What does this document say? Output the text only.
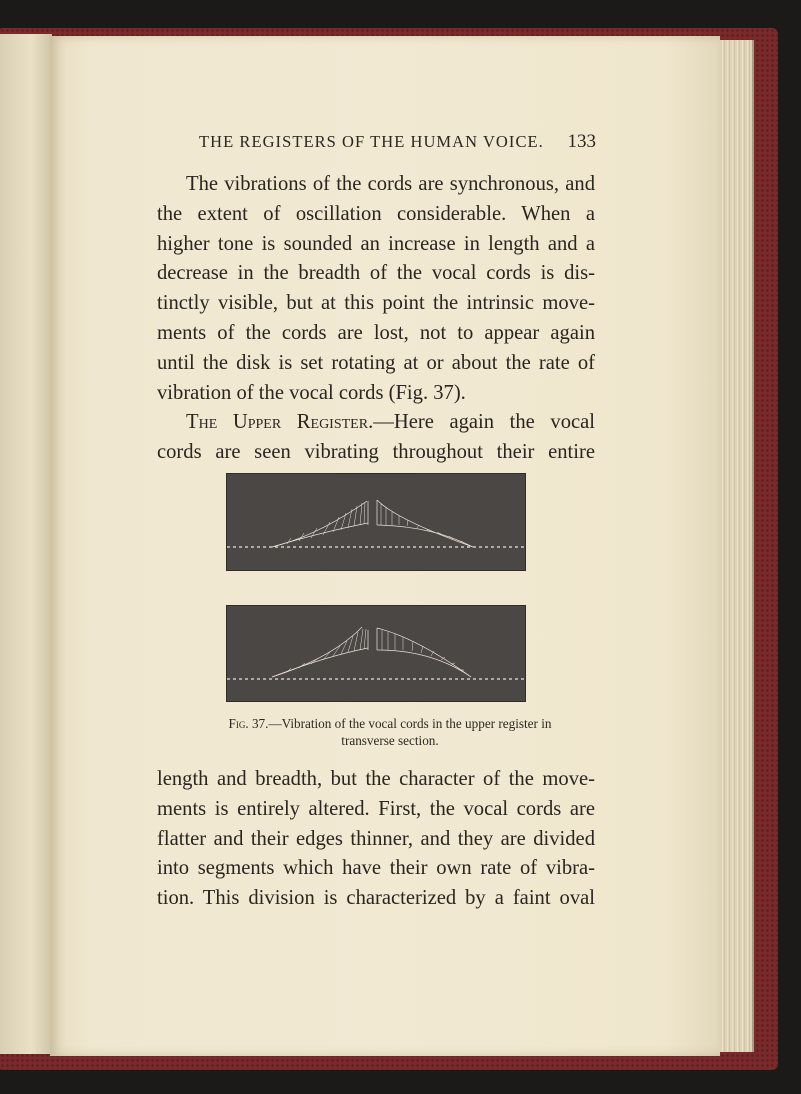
THE REGISTERS OF THE HUMAN VOICE. 133
The vibrations of the cords are synchronous, and
the extent of oscillation considerable. When a
higher tone is sounded an increase in length and a
decrease in the breadth of the vocal cords is dis-
tinctly visible, but at this point the intrinsic move-
ments of the cords are lost, not to appear again
until the disk is set rotating at or about the rate of
vibration of the vocal cords (Fig. 37).
The Upper Register.—Here again the vocal
cords are seen vibrating throughout their entire
Fig. 37.—Vibration of the vocal cords in the upper register in
transverse section.
length and breadth, but the character of the move-
ments is entirely altered. First, the vocal cords are
flatter and their edges thinner, and they are divided
into segments which have their own rate of vibra-
tion. This division is characterized by a faint oval
